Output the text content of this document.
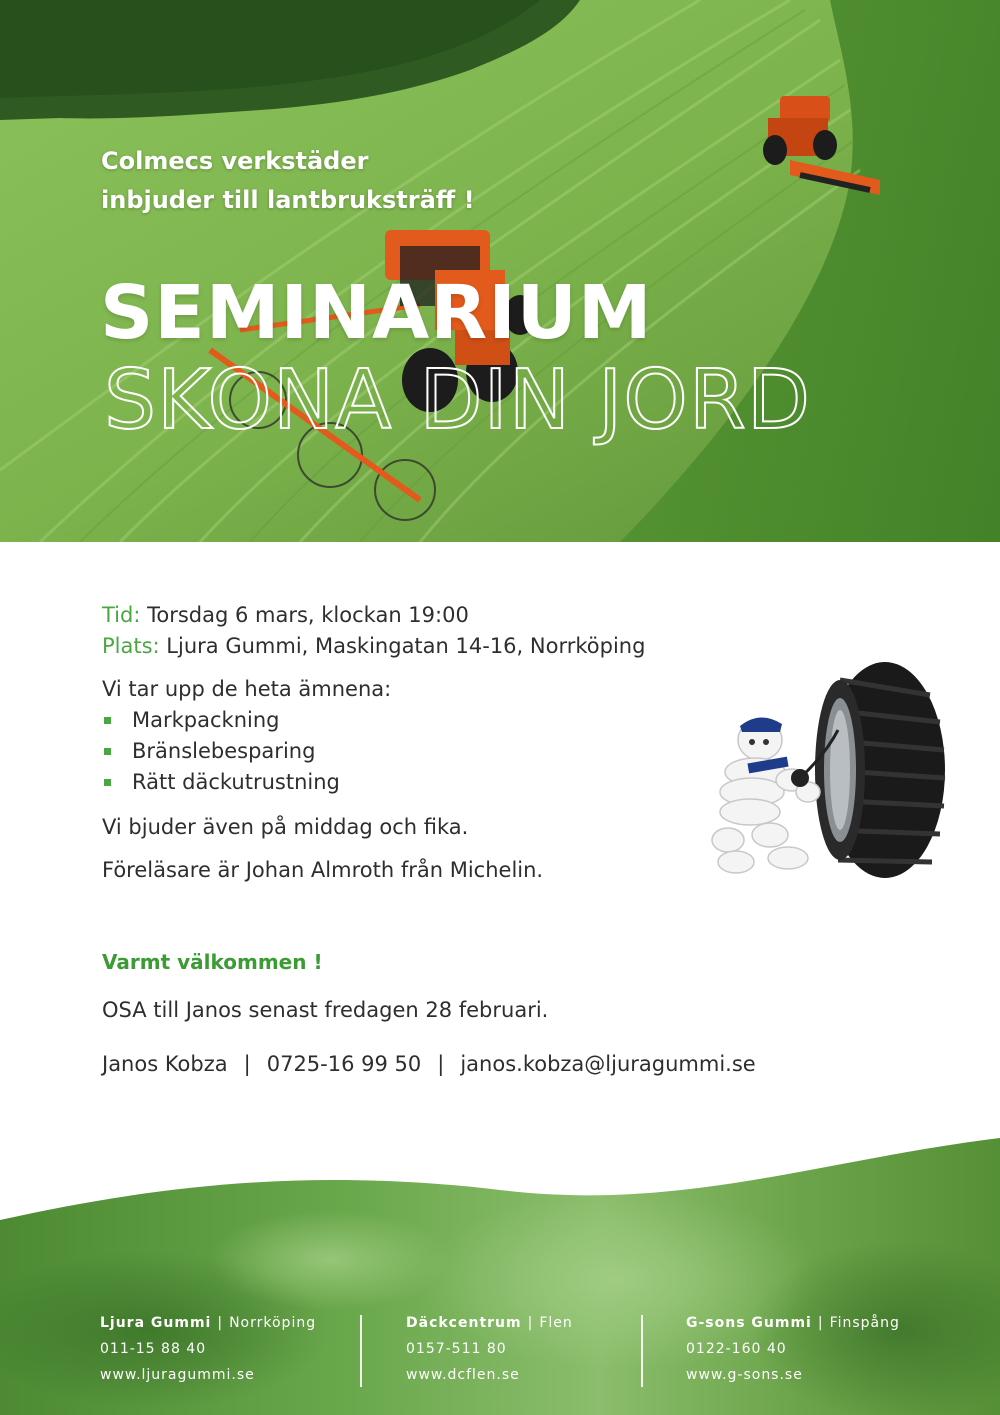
Colmecs verkstäder
inbjuder till lantbruksträff !

SEMINARIUM
SKONA DIN JORD

Tid: Torsdag 6 mars, klockan 19:00

Plats: Ljura Gummi, Maskingatan 14-16, Norrköping

Vi tar upp de heta ämnena:

Markpackning
Bränslebesparing
Rätt däckutrustning

Vi bjuder även på middag och fika.

Föreläsare är Johan Almroth från Michelin.

Varmt välkommen !

OSA till Janos senast fredagen 28 februari.

Janos Kobza | 0725-16 99 50 | janos.kobza@ljuragummi.se

Ljura Gummi | Norrköping
011-15 88 40
www.ljuragummi.se
Däckcentrum | Flen
0157-511 80
www.dcflen.se
G-sons Gummi | Finspång
0122-160 40
www.g-sons.se
